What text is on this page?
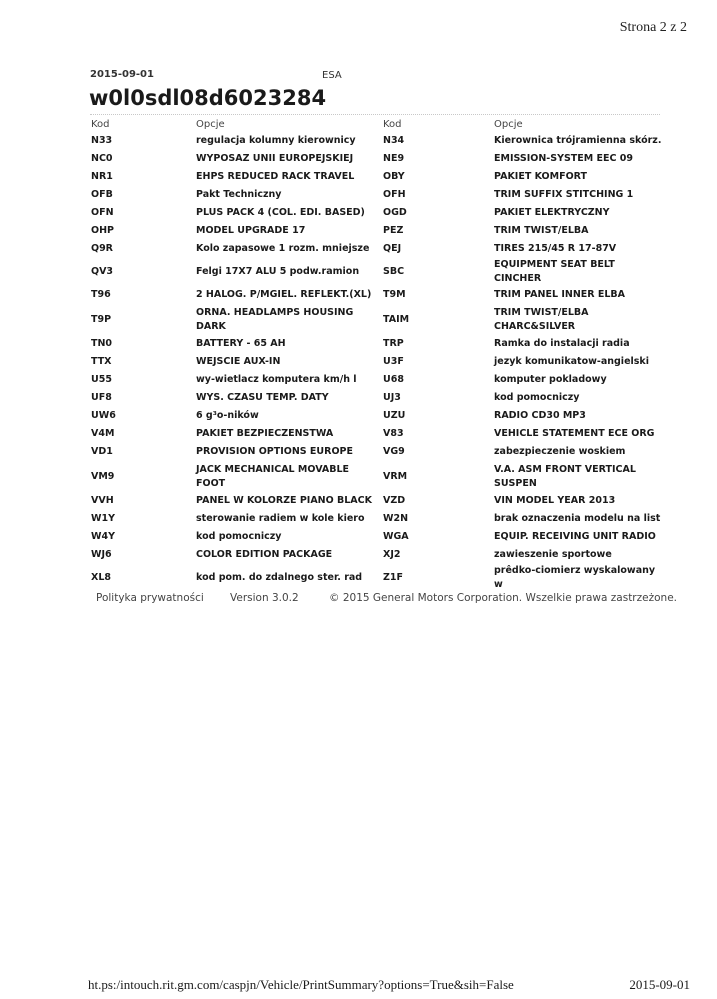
Strona 2 z 2
2015-09-01	ESA
w0l0sdl08d6023284
Kod	Opcje	Kod	Opcje
N33	regulacja kolumny kierownicy	N34	Kierownica trójramienna skórz.
NC0	WYPOSAZ UNII EUROPEJSKIEJ	NE9	EMISSION-SYSTEM EEC 09
NR1	EHPS REDUCED RACK TRAVEL	OBY	PAKIET KOMFORT
OFB	Pakt Techniczny	OFH	TRIM SUFFIX STITCHING 1
OFN	PLUS PACK 4 (COL. EDI. BASED)	OGD	PAKIET ELEKTRYCZNY
OHP	MODEL UPGRADE 17	PEZ	TRIM TWIST/ELBA
Q9R	Kolo zapasowe 1 rozm. mniejsze	QEJ	TIRES 215/45 R 17-87V
QV3	Felgi 17X7 ALU 5 podw.ramion	SBC	EQUIPMENT SEAT BELT CINCHER
T96	2 HALOG. P/MGIEL. REFLEKT.(XL)	T9M	TRIM PANEL INNER ELBA
T9P	ORNA. HEADLAMPS HOUSING DARK	TAIM	TRIM TWIST/ELBA CHARC&SILVER
TN0	BATTERY - 65 AH	TRP	Ramka do instalacji radia
TTX	WEJSCIE AUX-IN	U3F	jezyk komunikatow-angielski
U55	wy-wietlacz komputera km/h l	U68	komputer pokladowy
UF8	WYS. CZASU TEMP. DATY	UJ3	kod pomocniczy
UW6	6 g³o-ników	UZU	RADIO CD30 MP3
V4M	PAKIET BEZPIECZENSTWA	V83	VEHICLE STATEMENT ECE ORG
VD1	PROVISION OPTIONS EUROPE	VG9	zabezpieczenie woskiem
VM9	JACK MECHANICAL MOVABLE FOOT	VRM	V.A. ASM FRONT VERTICAL SUSPEN
VVH	PANEL W KOLORZE PIANO BLACK	VZD	VIN MODEL YEAR 2013
W1Y	sterowanie radiem w kole kiero	W2N	brak oznaczenia modelu na list
W4Y	kod pomocniczy	WGA	EQUIP. RECEIVING UNIT RADIO
WJ6	COLOR EDITION PACKAGE	XJ2	zawieszenie sportowe
XL8	kod pom. do zdalnego ster. rad	Z1F	prêdko-ciomierz wyskalowany w
Polityka prywatności Version 3.0.2	© 2015 General Motors Corporation. Wszelkie prawa zastrzeżone.
ht.ps:/intouch.rit.gm.com/caspjn/Vehicle/PrintSummary?options=True&sih=False	2015-09-01
